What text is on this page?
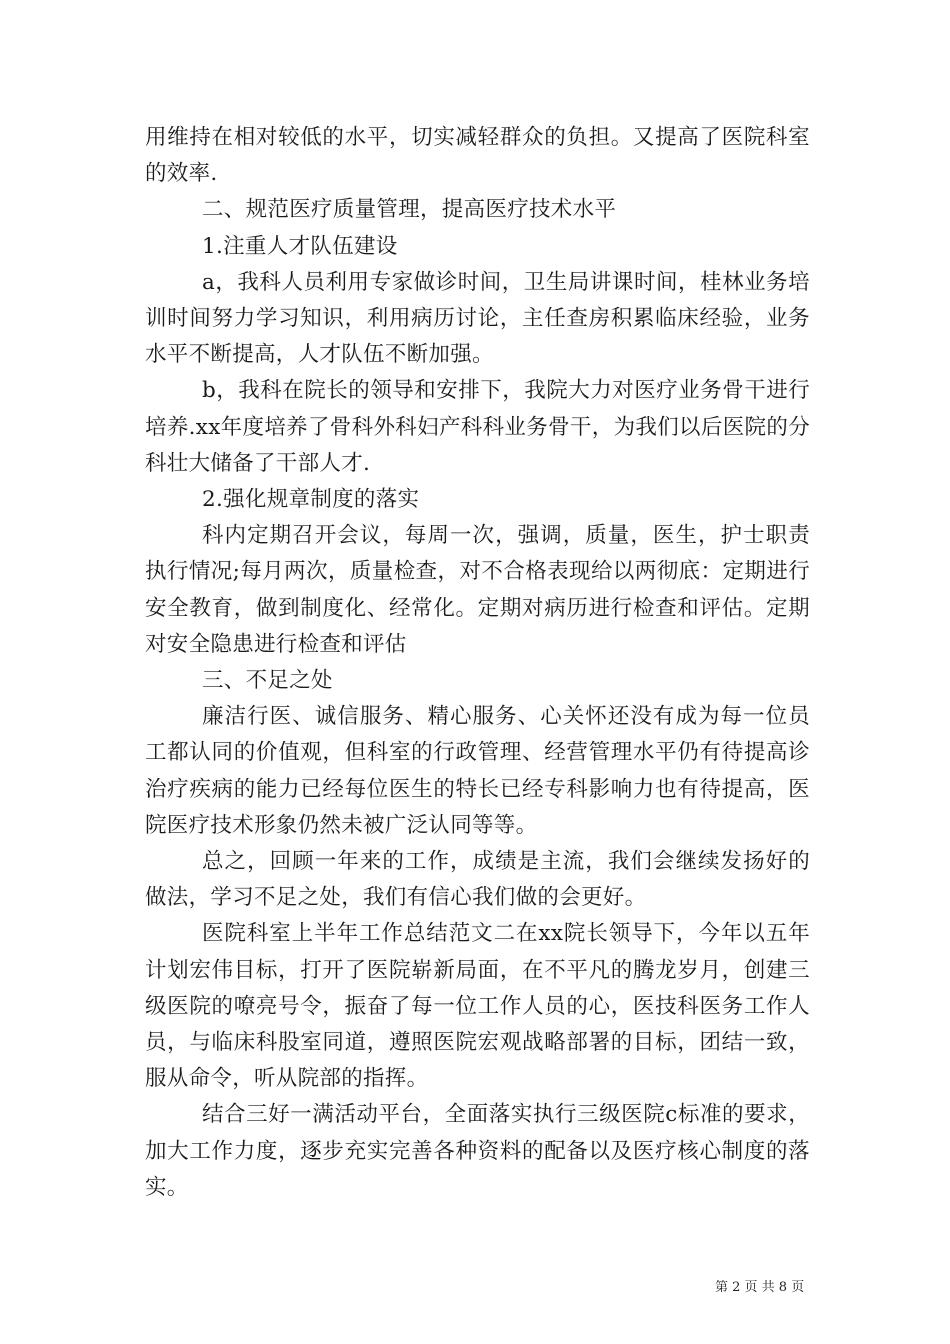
用维持在相对较低的水平，切实减轻群众的负担。又提高了医院科室的效率.

二、规范医疗质量管理，提高医疗技术水平

1.注重人才队伍建设

a，我科人员利用专家做诊时间，卫生局讲课时间，桂林业务培训时间努力学习知识，利用病历讨论，主任查房积累临床经验，业务水平不断提高，人才队伍不断加强。

b，我科在院长的领导和安排下，我院大力对医疗业务骨干进行培养.xx年度培养了骨科外科妇产科科业务骨干，为我们以后医院的分科壮大储备了干部人才.

2.强化规章制度的落实

科内定期召开会议，每周一次，强调，质量，医生，护士职责执行情况;每月两次，质量检查，对不合格表现给以两彻底：定期进行安全教育，做到制度化、经常化。定期对病历进行检查和评估。定期对安全隐患进行检查和评估

三、不足之处

廉洁行医、诚信服务、精心服务、心关怀还没有成为每一位员工都认同的价值观，但科室的行政管理、经营管理水平仍有待提高诊治疗疾病的能力已经每位医生的特长已经专科影响力也有待提高，医院医疗技术形象仍然未被广泛认同等等。

总之，回顾一年来的工作，成绩是主流，我们会继续发扬好的做法，学习不足之处，我们有信心我们做的会更好。

医院科室上半年工作总结范文二在xx院长领导下，今年以五年计划宏伟目标，打开了医院崭新局面，在不平凡的腾龙岁月，创建三级医院的嘹亮号令，振奋了每一位工作人员的心，医技科医务工作人员，与临床科股室同道，遵照医院宏观战略部署的目标，团结一致，服从命令，听从院部的指挥。

结合三好一满活动平台，全面落实执行三级医院c标准的要求，加大工作力度，逐步充实完善各种资料的配备以及医疗核心制度的落实。

第 2 页 共 8 页
